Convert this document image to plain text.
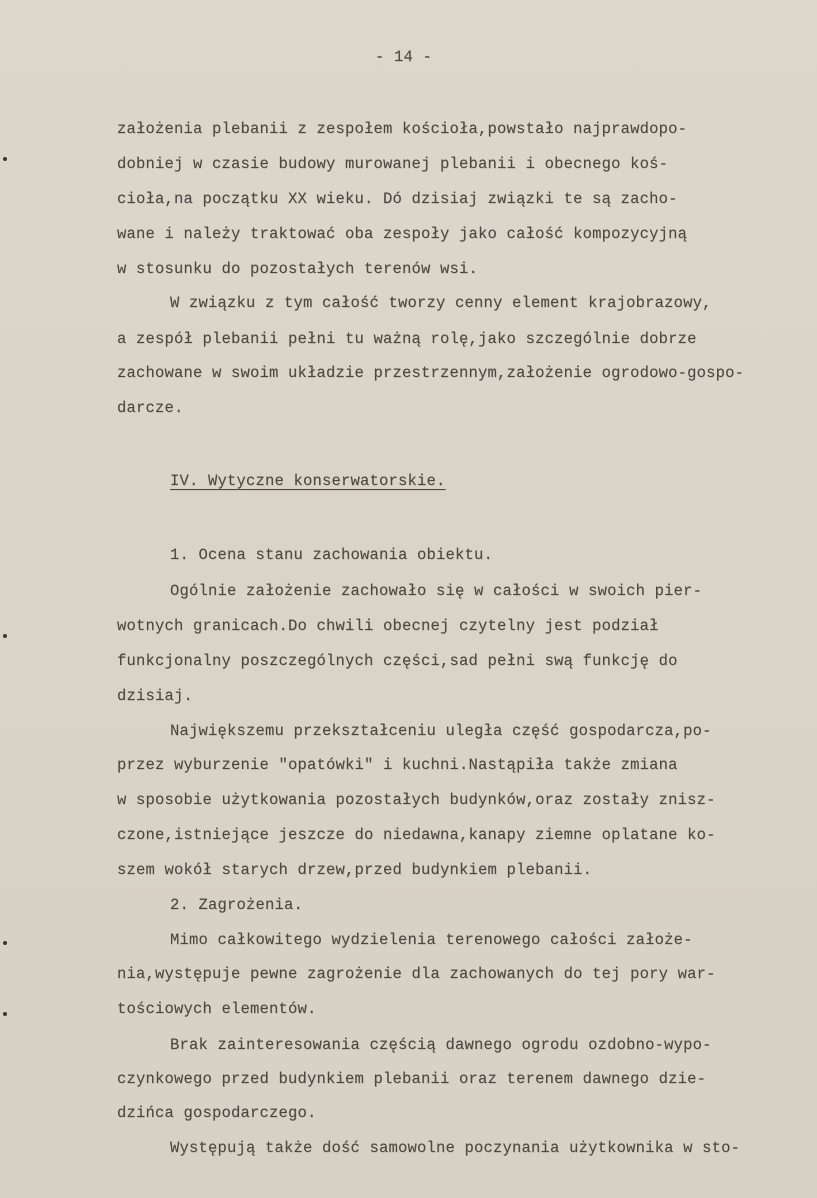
- 14 -
założenia plebanii z zespołem kościoła,powstało najprawdopo-
dobniej w czasie budowy murowanej plebanii i obecnego koś-
cioła,na początku XX wieku. Dó dzisiaj związki te są zacho-
wane i należy traktować oba zespoły jako całość kompozycyjną
w stosunku do pozostałych terenów wsi.
W związku z tym całość tworzy cenny element krajobrazowy,
a zespół plebanii pełni tu ważną rolę,jako szczególnie dobrze
zachowane w swoim układzie przestrzennym,założenie ogrodowo-gospo-
darcze.
IV. Wytyczne konserwatorskie.
1. Ocena stanu zachowania obiektu.
Ogólnie założenie zachowało się w całości w swoich pier-
wotnych granicach.Do chwili obecnej czytelny jest podział
funkcjonalny poszczególnych części,sad pełni swą funkcję do
dzisiaj.
Największemu przekształceniu uległa część gospodarcza,po-
przez wyburzenie "opatówki" i kuchni.Nastąpiła także zmiana
w sposobie użytkowania pozostałych budynków,oraz zostały znisz-
czone,istniejące jeszcze do niedawna,kanapy ziemne oplatane ko-
szem wokół starych drzew,przed budynkiem plebanii.
2. Zagrożenia.
Mimo całkowitego wydzielenia terenowego całości założe-
nia,występuje pewne zagrożenie dla zachowanych do tej pory war-
tościowych elementów.
Brak zainteresowania częścią dawnego ogrodu ozdobno-wypo-
czynkowego przed budynkiem plebanii oraz terenem dawnego dzie-
dzińca gospodarczego.
Występują także dość samowolne poczynania użytkownika w sto-
